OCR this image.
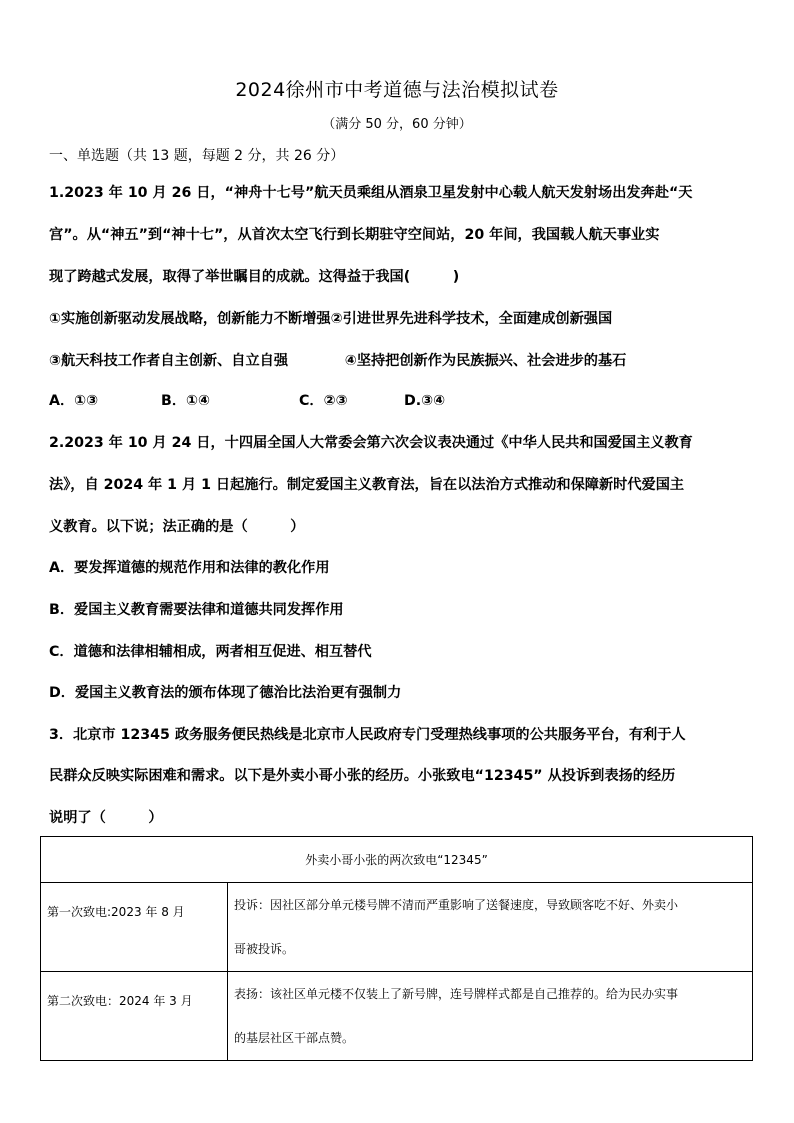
2024徐州市中考道德与法治模拟试卷
（满分 50 分，60 分钟）
一、单选题（共 13 题，每题 2 分，共 26 分）
1.2023 年 10 月 26 日，“神舟十七号”航天员乘组从酒泉卫星发射中心载人航天发射场出发奔赴“天
宫”。从“神五”到“神十七”，从首次太空飞行到长期驻守空间站，20 年间，我国载人航天事业实
现了跨越式发展，取得了举世瞩目的成就。这得益于我国(　　　)
①实施创新驱动发展战略，创新能力不断增强②引进世界先进科学技术，全面建成创新强国
③航天科技工作者自主创新、自立自强　　　　④坚持把创新作为民族振兴、社会进步的基石
A．①③	B．①④	C．②③	D.③④
2.2023 年 10 月 24 日，十四届全国人大常委会第六次会议表决通过《中华人民共和国爱国主义教育
法》，自 2024 年 1 月 1 日起施行。制定爱国主义教育法，旨在以法治方式推动和保障新时代爱国主
义教育。以下说；法正确的是（　　　）
A．要发挥道德的规范作用和法律的教化作用
B．爱国主义教育需要法律和道德共同发挥作用
C．道德和法律相辅相成，两者相互促进、相互替代
D．爱国主义教育法的颁布体现了德治比法治更有强制力
3．北京市 12345 政务服务便民热线是北京市人民政府专门受理热线事项的公共服务平台，有利于人
民群众反映实际困难和需求。以下是外卖小哥小张的经历。小张致电“12345” 从投诉到表扬的经历
说明了（　　　）
外卖小哥小张的两次致电“12345”	
第一次致电:2023 年 8 月	投诉：因社区部分单元楼号牌不清而严重影响了送餐速度，导致顾客吃不好、外卖小
哥被投诉。

第二次致电：2024 年 3 月	表扬：该社区单元楼不仅装上了新号牌，连号牌样式都是自己推荐的。给为民办实事
的基层社区干部点赞。
